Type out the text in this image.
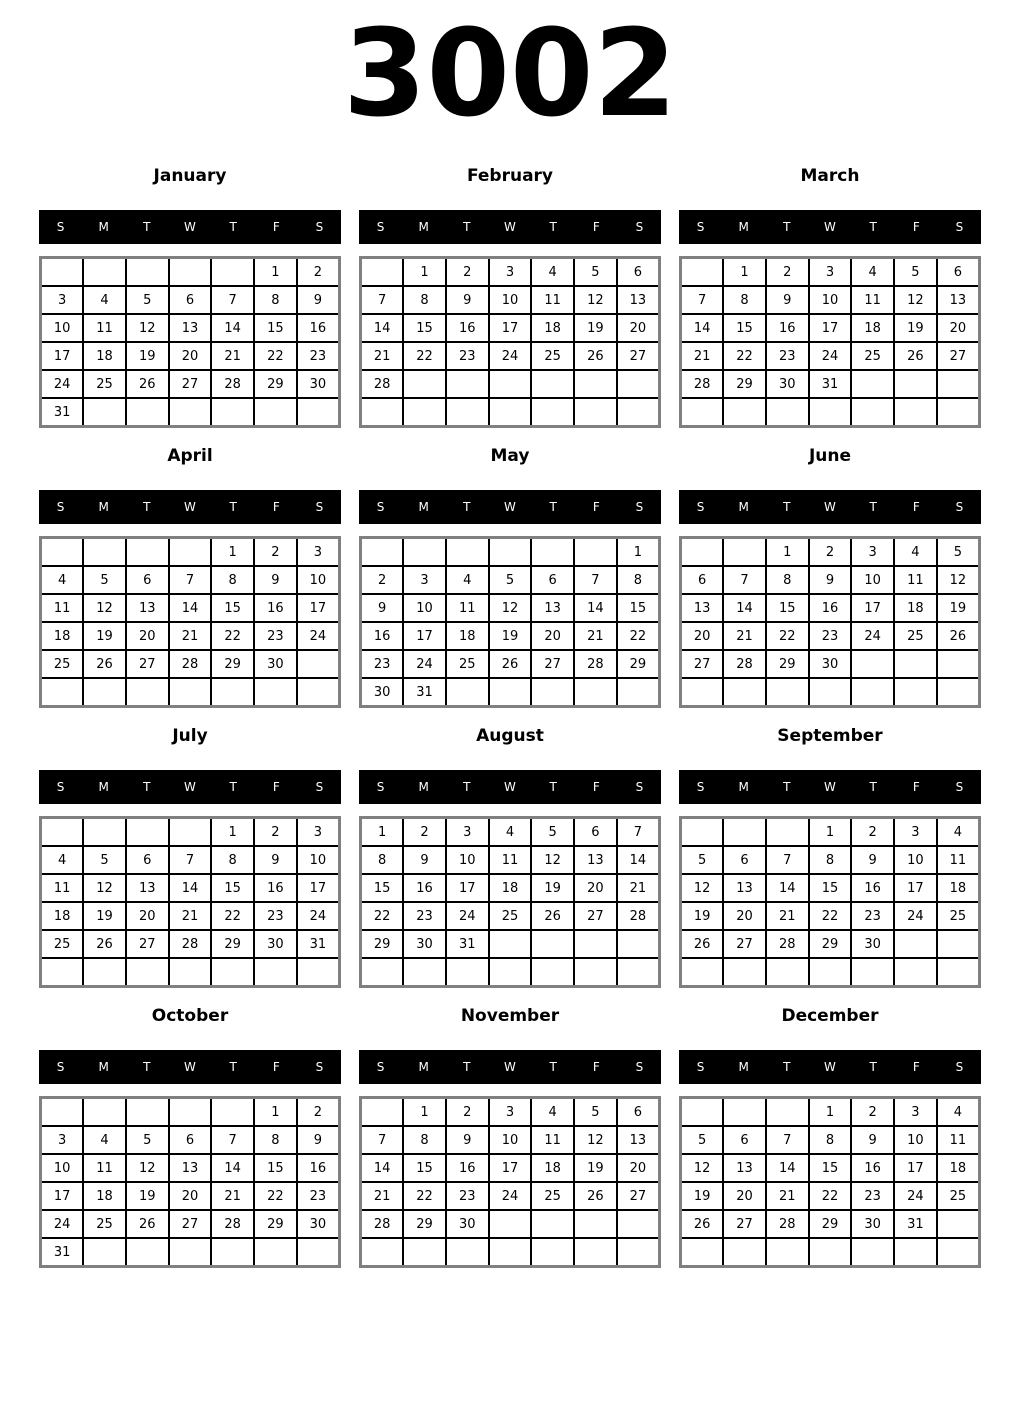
3002
January
S	M	T	W	T	F	S
					1	2
3	4	5	6	7	8	9
10	11	12	13	14	15	16
17	18	19	20	21	22	23
24	25	26	27	28	29	30
31						
February
S	M	T	W	T	F	S
	1	2	3	4	5	6
7	8	9	10	11	12	13
14	15	16	17	18	19	20
21	22	23	24	25	26	27
28						

March
S	M	T	W	T	F	S
	1	2	3	4	5	6
7	8	9	10	11	12	13
14	15	16	17	18	19	20
21	22	23	24	25	26	27
28	29	30	31			

April
S	M	T	W	T	F	S
				1	2	3
4	5	6	7	8	9	10
11	12	13	14	15	16	17
18	19	20	21	22	23	24
25	26	27	28	29	30	

May
S	M	T	W	T	F	S
						1
2	3	4	5	6	7	8
9	10	11	12	13	14	15
16	17	18	19	20	21	22
23	24	25	26	27	28	29
30	31					
June
S	M	T	W	T	F	S
		1	2	3	4	5
6	7	8	9	10	11	12
13	14	15	16	17	18	19
20	21	22	23	24	25	26
27	28	29	30			

July
S	M	T	W	T	F	S
				1	2	3
4	5	6	7	8	9	10
11	12	13	14	15	16	17
18	19	20	21	22	23	24
25	26	27	28	29	30	31

August
S	M	T	W	T	F	S
1	2	3	4	5	6	7
8	9	10	11	12	13	14
15	16	17	18	19	20	21
22	23	24	25	26	27	28
29	30	31				

September
S	M	T	W	T	F	S
			1	2	3	4
5	6	7	8	9	10	11
12	13	14	15	16	17	18
19	20	21	22	23	24	25
26	27	28	29	30		

October
S	M	T	W	T	F	S
					1	2
3	4	5	6	7	8	9
10	11	12	13	14	15	16
17	18	19	20	21	22	23
24	25	26	27	28	29	30
31						
November
S	M	T	W	T	F	S
	1	2	3	4	5	6
7	8	9	10	11	12	13
14	15	16	17	18	19	20
21	22	23	24	25	26	27
28	29	30				

December
S	M	T	W	T	F	S
			1	2	3	4
5	6	7	8	9	10	11
12	13	14	15	16	17	18
19	20	21	22	23	24	25
26	27	28	29	30	31	
